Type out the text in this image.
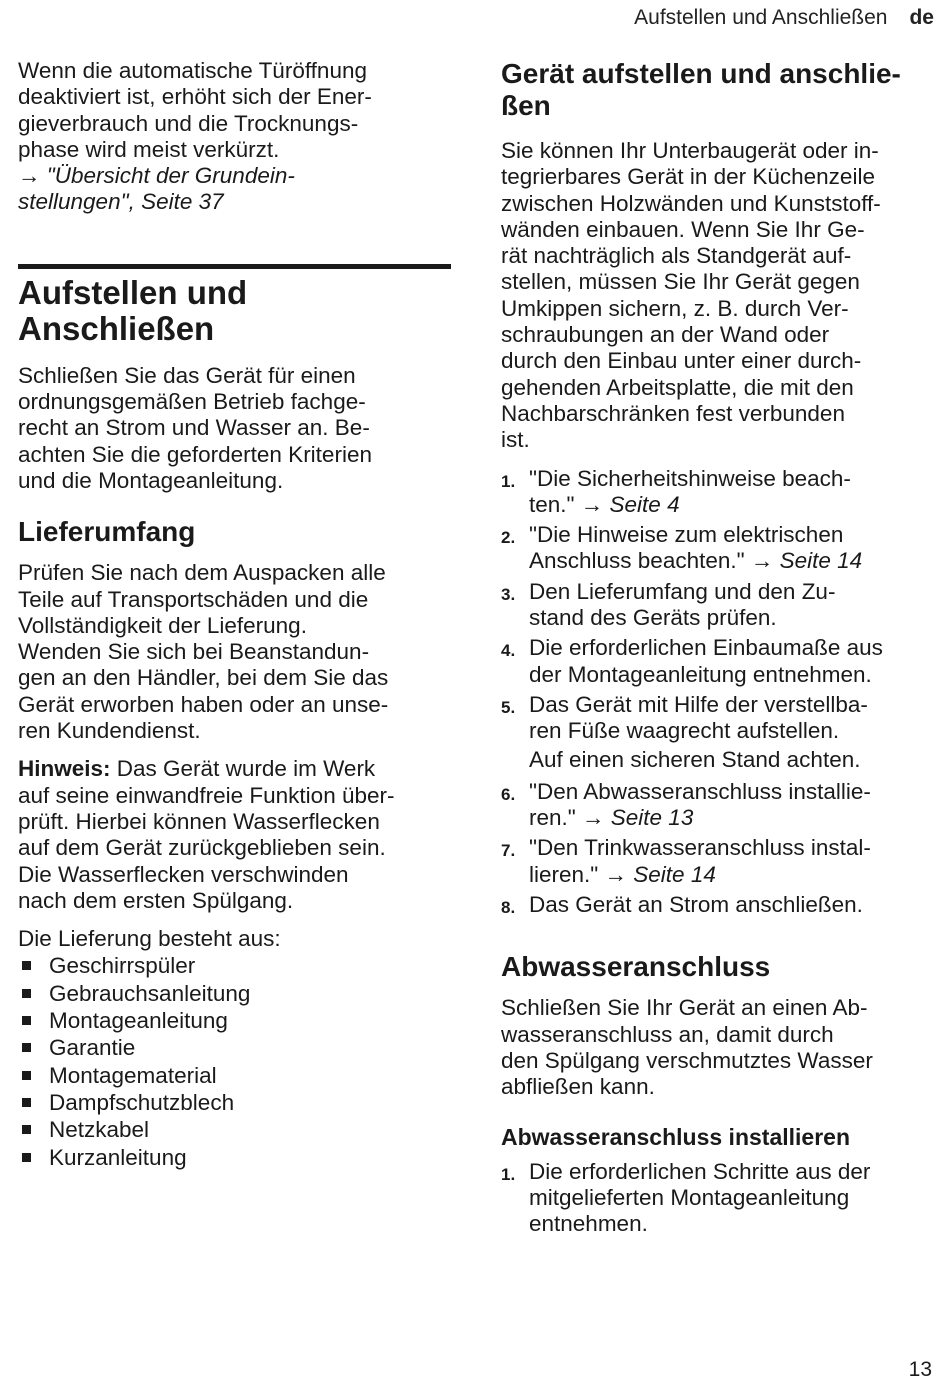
Aufstellen und Anschließen de

Wenn die automatische Türöffnung
deaktiviert ist, erhöht sich der Ener-
gieverbrauch und die Trocknungs-
phase wird meist verkürzt.
→ "Übersicht der Grundein-
stellungen", Seite 37

Aufstellen und
Anschließen

Schließen Sie das Gerät für einen
ordnungsgemäßen Betrieb fachge-
recht an Strom und Wasser an. Be-
achten Sie die geforderten Kriterien
und die Montageanleitung.

Lieferumfang

Prüfen Sie nach dem Auspacken alle
Teile auf Transportschäden und die
Vollständigkeit der Lieferung.
Wenden Sie sich bei Beanstandun-
gen an den Händler, bei dem Sie das
Gerät erworben haben oder an unse-
ren Kundendienst.

Hinweis: Das Gerät wurde im Werk
auf seine einwandfreie Funktion über-
prüft. Hierbei können Wasserflecken
auf dem Gerät zurückgeblieben sein.
Die Wasserflecken verschwinden
nach dem ersten Spülgang.

Die Lieferung besteht aus:

Geschirrspüler
Gebrauchsanleitung
Montageanleitung
Garantie
Montagematerial
Dampfschutzblech
Netzkabel
Kurzanleitung
Gerät aufstellen und anschlie-
ßen

Sie können Ihr Unterbaugerät oder in-
tegrierbares Gerät in der Küchenzeile
zwischen Holzwänden und Kunststoff-
wänden einbauen. Wenn Sie Ihr Ge-
rät nachträglich als Standgerät auf-
stellen, müssen Sie Ihr Gerät gegen
Umkippen sichern, z. B. durch Ver-
schraubungen an der Wand oder
durch den Einbau unter einer durch-
gehenden Arbeitsplatte, die mit den
Nachbarschränken fest verbunden
ist.

1. "Die Sicherheitshinweise beach-
ten." → Seite 4
2. "Die Hinweise zum elektrischen
Anschluss beachten." → Seite 14
3. Den Lieferumfang und den Zu-
stand des Geräts prüfen.
4. Die erforderlichen Einbaumaße aus
der Montageanleitung entnehmen.
5. Das Gerät mit Hilfe der verstellba-
ren Füße waagrecht aufstellen.
Auf einen sicheren Stand achten.
6. "Den Abwasseranschluss installie-
ren." → Seite 13
7. "Den Trinkwasseranschluss instal-
lieren." → Seite 14
8. Das Gerät an Strom anschließen.
Abwasseranschluss

Schließen Sie Ihr Gerät an einen Ab-
wasseranschluss an, damit durch
den Spülgang verschmutztes Wasser
abfließen kann.

Abwasseranschluss installieren
1. Die erforderlichen Schritte aus der
mitgelieferten Montageanleitung
entnehmen.
13
